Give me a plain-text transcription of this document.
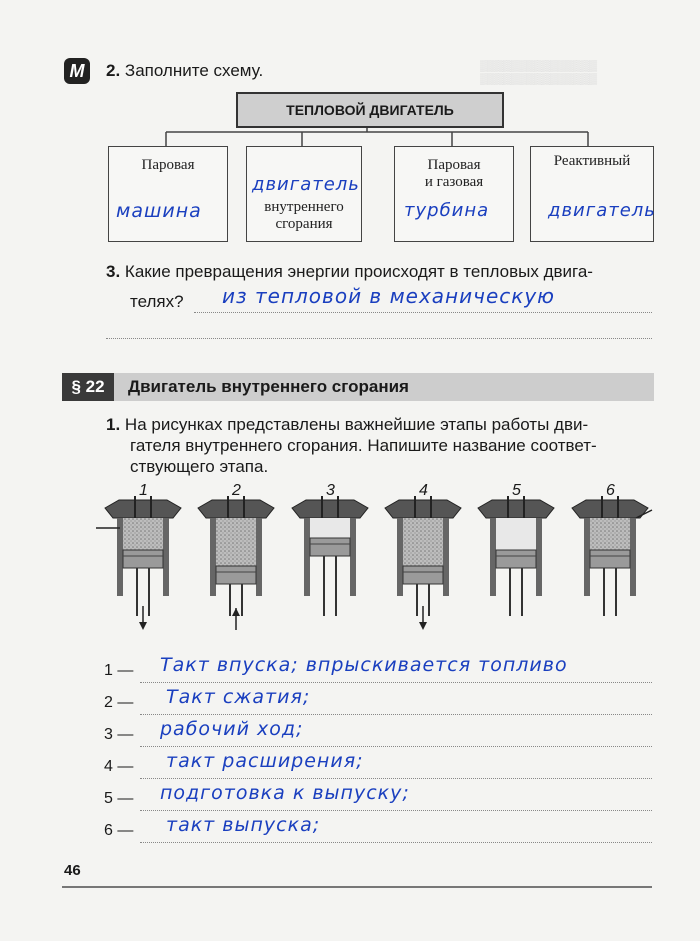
▒▒▒▒▒▒▒▒▒▒▒▒▒▒▒
▒▒▒▒▒▒▒▒▒▒▒▒▒▒▒
М	2. Заполните схему.
ТЕПЛОВОЙ ДВИГАТЕЛЬ
Паровая
внутреннего
сгорания
Паровая
и газовая
Реактивный
машина
двигатель
турбина	двигатель
3. Какие превращения энергии происходят в тепловых двига-
телях? из тепловой в механическую
§ 22	Двигатель внутреннего сгорания
1. На рисунках представлены важнейшие этапы работы дви-
гателя внутреннего сгорания. Напишите название соответ-
ствующего этапа.
1	2	3	4	5	6
1 — Такт впуска; впрыскивается топливо
2 — Такт сжатия;
3 — рабочий ход;
4 — такт расширения;
5 — подготовка к выпуску;
6 — такт выпуска;
46
